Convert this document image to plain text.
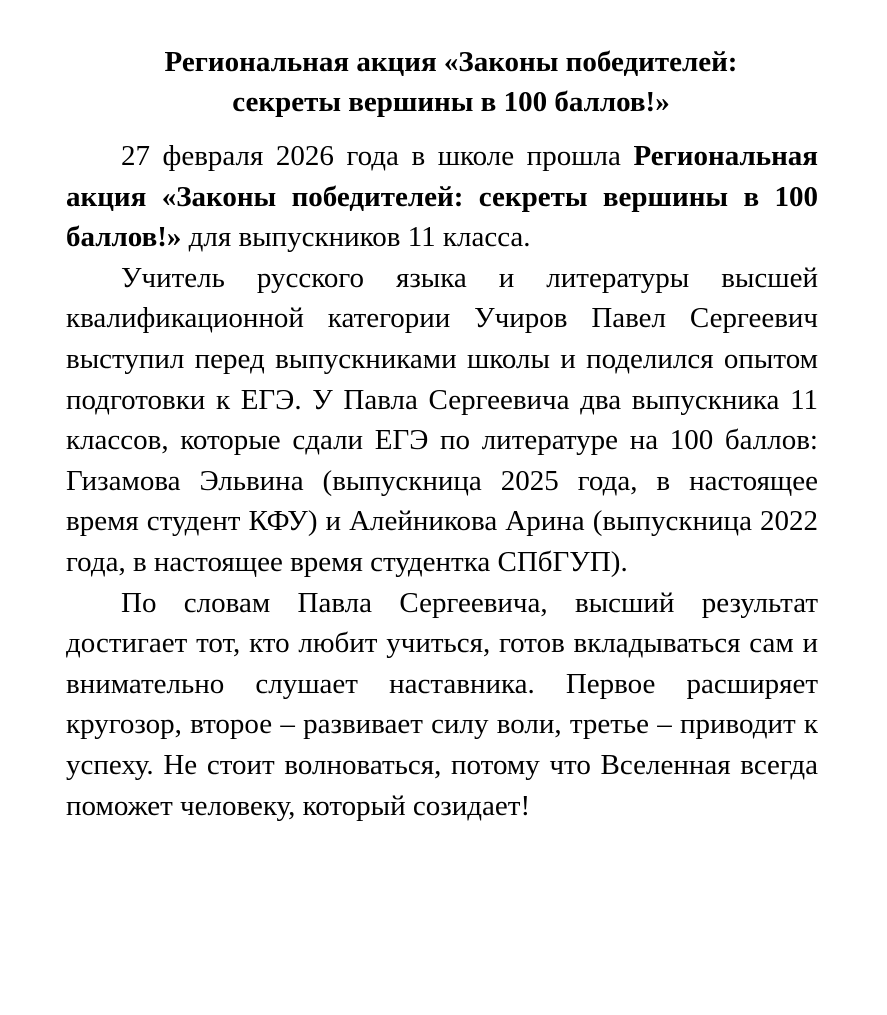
Региональная акция «Законы победителей:
секреты вершины в 100 баллов!»

27 февраля 2026 года в школе прошла Региональная акция «Законы победителей: секреты вершины в 100 баллов!» для выпускников 11 класса.

Учитель русского языка и литературы высшей квалификационной категории Учиров Павел Сергеевич выступил перед выпускниками школы и поделился опытом подготовки к ЕГЭ. У Павла Сергеевича два выпускника 11 классов, которые сдали ЕГЭ по литературе на 100 баллов: Гизамова Эльвина (выпускница 2025 года, в настоящее время студент КФУ) и Алейникова Арина (выпускница 2022 года, в настоящее время студентка СПбГУП).

По словам Павла Сергеевича, высший результат достигает тот, кто любит учиться, готов вкладываться сам и внимательно слушает наставника. Первое расширяет кругозор, второе – развивает силу воли, третье – приводит к успеху. Не стоит волноваться, потому что Вселенная всегда поможет человеку, который созидает!
